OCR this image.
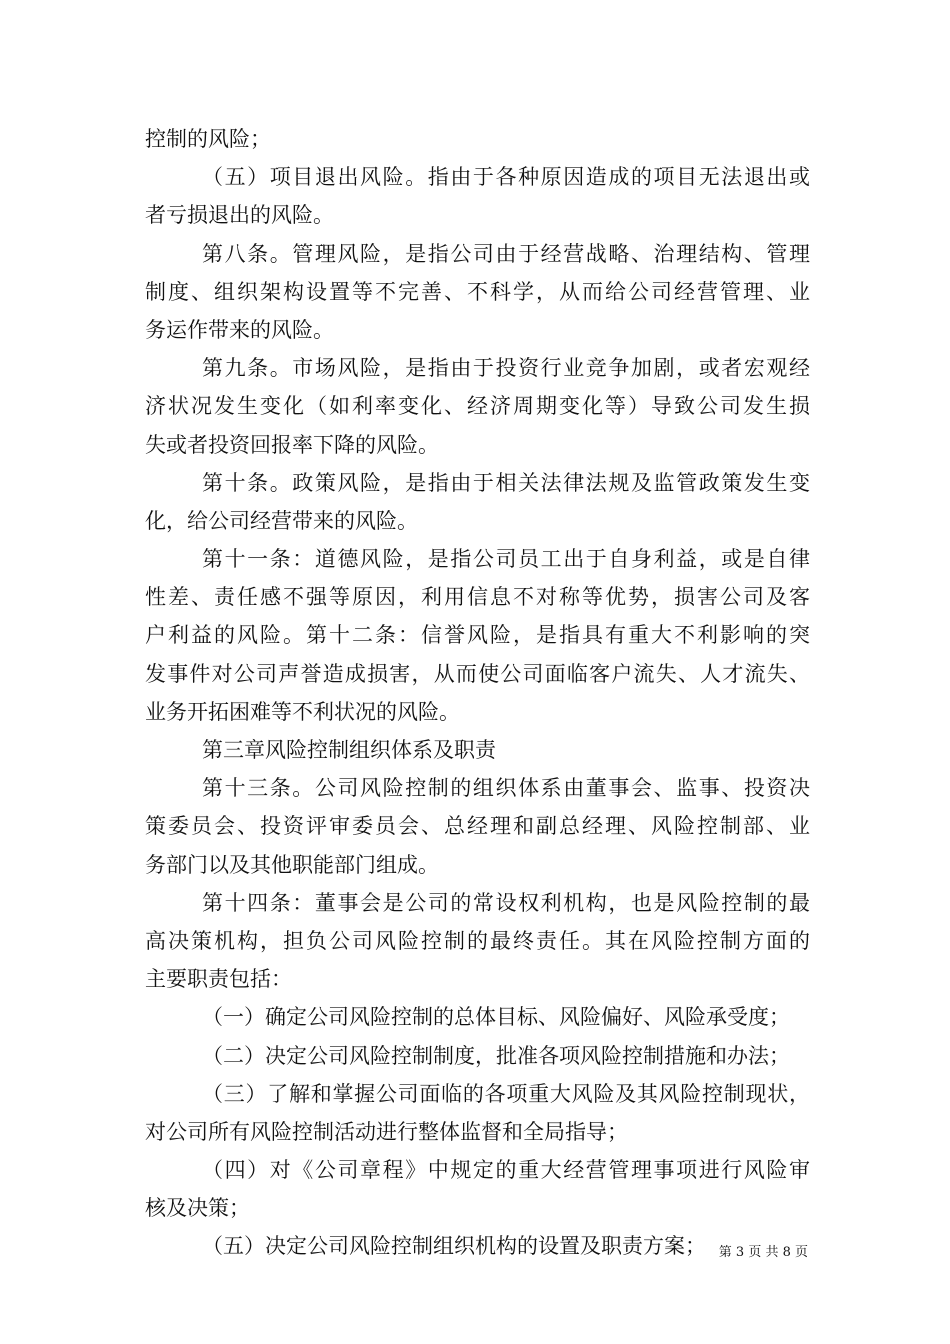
控制的风险；
（五）项目退出风险。指由于各种原因造成的项目无法退出或
者亏损退出的风险。
第八条。管理风险，是指公司由于经营战略、治理结构、管理
制度、组织架构设置等不完善、不科学，从而给公司经营管理、业
务运作带来的风险。
第九条。市场风险，是指由于投资行业竞争加剧，或者宏观经
济状况发生变化（如利率变化、经济周期变化等）导致公司发生损
失或者投资回报率下降的风险。
第十条。政策风险，是指由于相关法律法规及监管政策发生变
化，给公司经营带来的风险。
第十一条：道德风险，是指公司员工出于自身利益，或是自律
性差、责任感不强等原因，利用信息不对称等优势，损害公司及客
户利益的风险。第十二条：信誉风险，是指具有重大不利影响的突
发事件对公司声誉造成损害，从而使公司面临客户流失、人才流失、
业务开拓困难等不利状况的风险。
第三章风险控制组织体系及职责
第十三条。公司风险控制的组织体系由董事会、监事、投资决
策委员会、投资评审委员会、总经理和副总经理、风险控制部、业
务部门以及其他职能部门组成。
第十四条：董事会是公司的常设权利机构，也是风险控制的最
高决策机构，担负公司风险控制的最终责任。其在风险控制方面的
主要职责包括：
（一）确定公司风险控制的总体目标、风险偏好、风险承受度；
（二）决定公司风险控制制度，批准各项风险控制措施和办法；
（三）了解和掌握公司面临的各项重大风险及其风险控制现状，
对公司所有风险控制活动进行整体监督和全局指导；
（四）对《公司章程》中规定的重大经营管理事项进行风险审
核及决策；
（五）决定公司风险控制组织机构的设置及职责方案； 第 3 页 共 8 页
